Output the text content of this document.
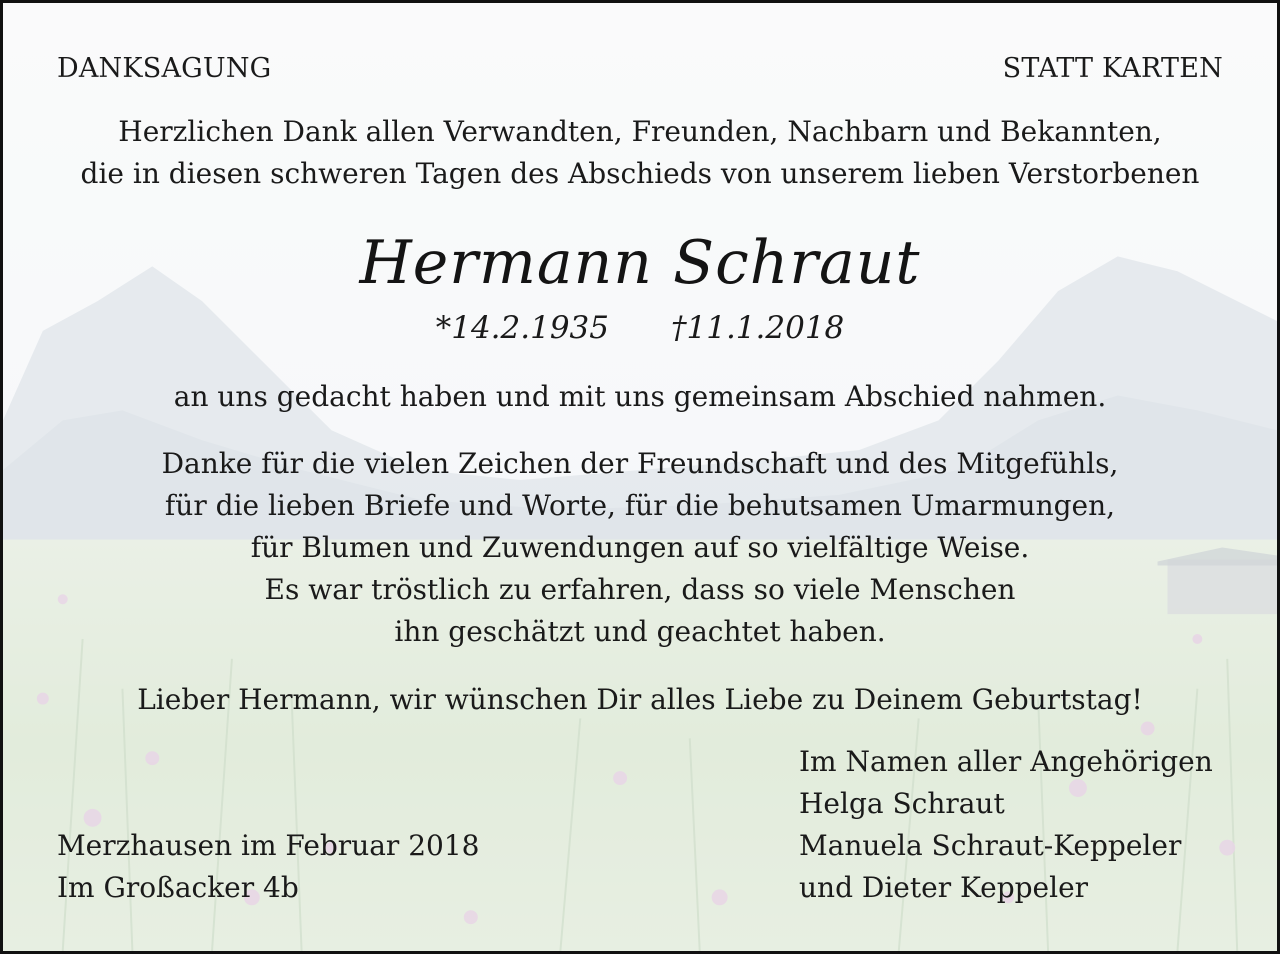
DANKSAGUNG	STATT KARTEN
Herzlichen Dank allen Verwandten, Freunden, Nachbarn und Bekannten,
die in diesen schweren Tagen des Abschieds von unserem lieben Verstorbenen
Hermann Schraut
*14.2.1935 †11.1.2018
an uns gedacht haben und mit uns gemeinsam Abschied nahmen.
Danke für die vielen Zeichen der Freundschaft und des Mitgefühls,
für die lieben Briefe und Worte, für die behutsamen Umarmungen,
für Blumen und Zuwendungen auf so vielfältige Weise.
Es war tröstlich zu erfahren, dass so viele Menschen
ihn geschätzt und geachtet haben.
Lieber Hermann, wir wünschen Dir alles Liebe zu Deinem Geburtstag!
Im Namen aller Angehörigen
Helga Schraut
Manuela Schraut-Keppeler
und Dieter Keppeler
Merzhausen im Februar 2018
Im Großacker 4b
